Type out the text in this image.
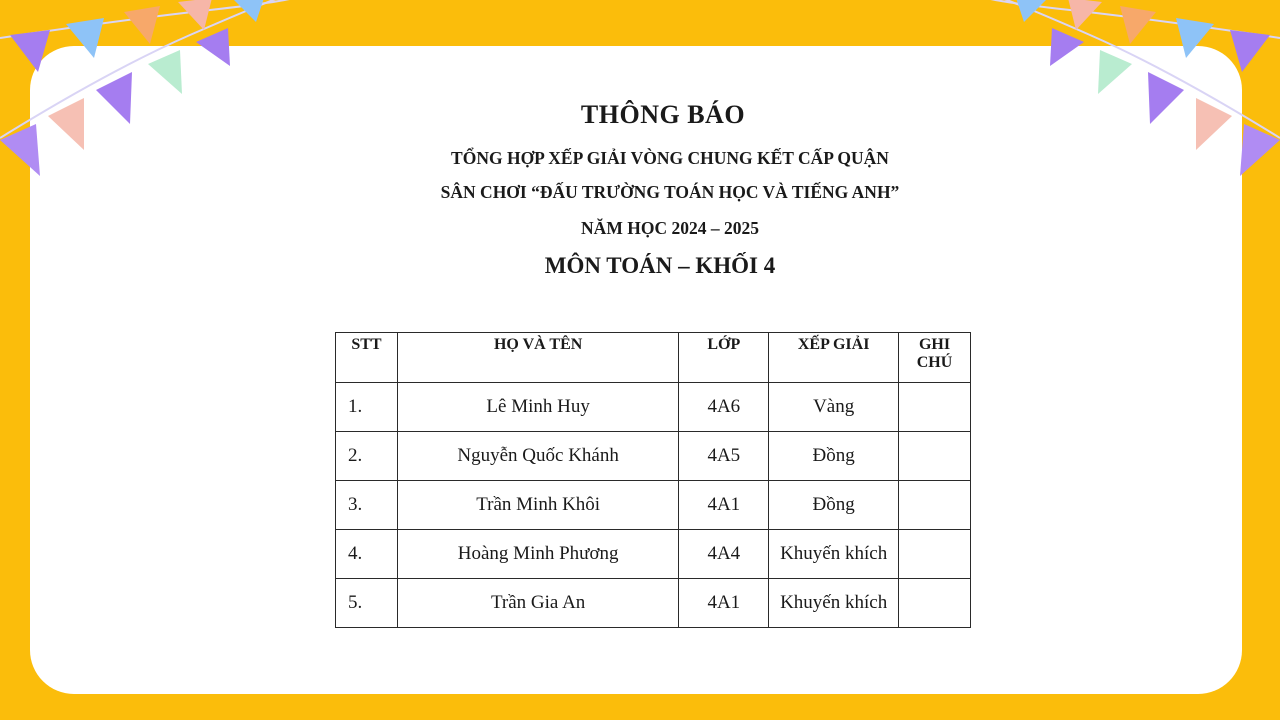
THÔNG BÁO
TỔNG HỢP XẾP GIẢI VÒNG CHUNG KẾT CẤP QUẬN
SÂN CHƠI “ĐẤU TRƯỜNG TOÁN HỌC VÀ TIẾNG ANH”
NĂM HỌC 2024 – 2025
MÔN TOÁN – KHỐI 4
STT	HỌ VÀ TÊN	LỚP	XẾP GIẢI	GHI
CHÚ

1.	Lê Minh Huy	4A6	Vàng	
2.	Nguyễn Quốc Khánh	4A5	Đồng	
3.	Trần Minh Khôi	4A1	Đồng	
4.	Hoàng Minh Phương	4A4	Khuyến khích	
5.	Trần Gia An	4A1	Khuyến khích	
